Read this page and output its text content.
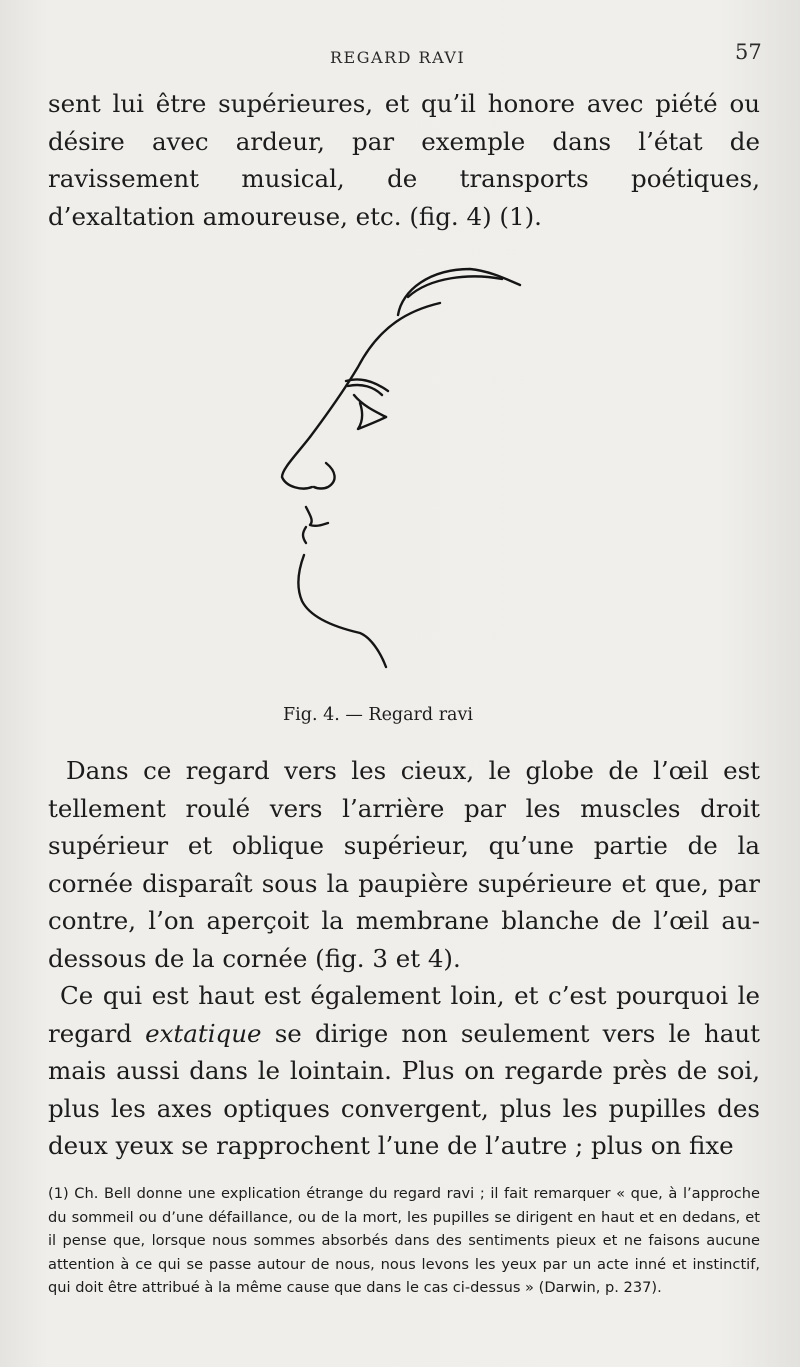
REGARD RAVI	57

sent lui être supérieures, et qu’il honore avec piété ou désire avec ardeur, par exemple dans l’état de ravissement musical, de transports poétiques, d’exaltation amoureuse, etc. (fig. 4) (1).

Fig. 4. — Regard ravi

Dans ce regard vers les cieux, le globe de l’œil est tellement roulé vers l’arrière par les muscles droit supérieur et oblique supérieur, qu’une partie de la cornée disparaît sous la paupière supérieure et que, par contre, l’on aperçoit la membrane blanche de l’œil au-dessous de la cornée (fig. 3 et 4).

Ce qui est haut est également loin, et c’est pourquoi le regard extatique se dirige non seulement vers le haut mais aussi dans le lointain. Plus on regarde près de soi, plus les axes optiques convergent, plus les pupilles des deux yeux se rapprochent l’une de l’autre ; plus on fixe

(1) Ch. Bell donne une explication étrange du regard ravi ; il fait remarquer « que, à l’approche du sommeil ou d’une défaillance, ou de la mort, les pupilles se dirigent en haut et en dedans, et il pense que, lorsque nous sommes absorbés dans des sentiments pieux et ne faisons aucune attention à ce qui se passe autour de nous, nous levons les yeux par un acte inné et instinctif, qui doit être attribué à la même cause que dans le cas ci-dessus » (Darwin, p. 237).
